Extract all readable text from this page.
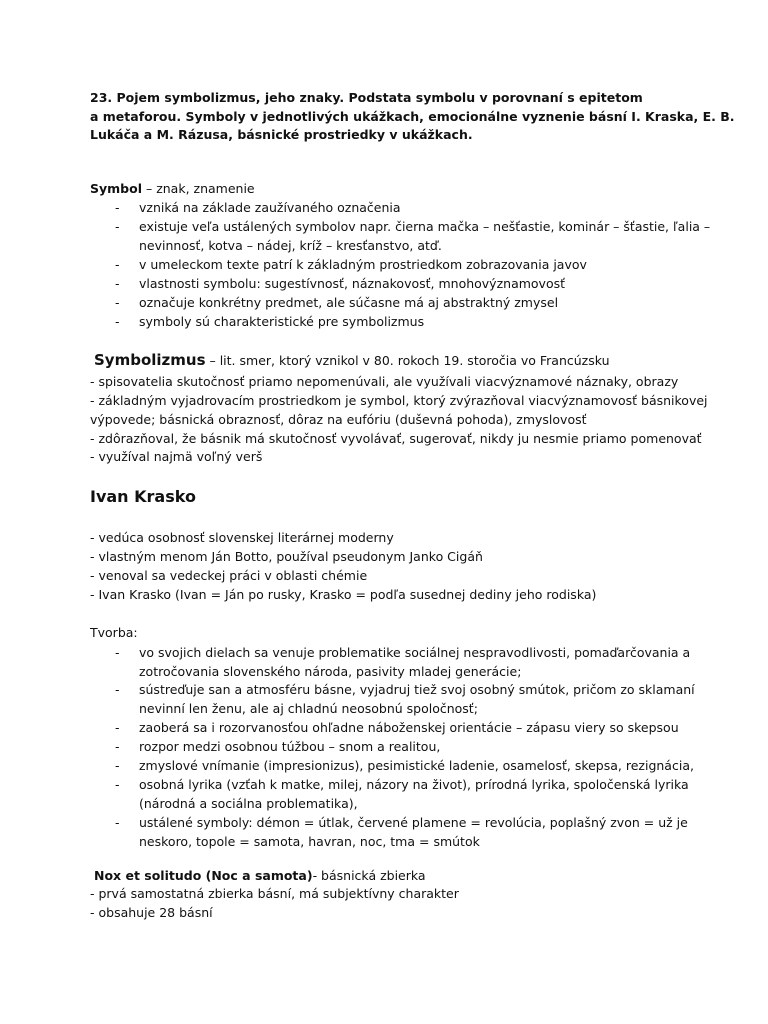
23. Pojem symbolizmus, jeho znaky. Podstata symbolu v porovnaní s epitetom
a metaforou. Symboly v jednotlivých ukážkach, emocionálne vyznenie básní I. Kraska, E. B.
Lukáča a M. Rázusa, básnické prostriedky v ukážkach.
Symbol – znak, znamenie
- vzniká na základe zaužívaného označenia
- existuje veľa ustálených symbolov napr. čierna mačka – nešťastie, kominár – šťastie, ľalia –
nevinnosť, kotva – nádej, kríž – kresťanstvo, atď.
- v umeleckom texte patrí k základným prostriedkom zobrazovania javov
- vlastnosti symbolu: sugestívnosť, náznakovosť, mnohovýznamovosť
- označuje konkrétny predmet, ale súčasne má aj abstraktný zmysel
- symboly sú charakteristické pre symbolizmus
Symbolizmus – lit. smer, ktorý vznikol v 80. rokoch 19. storočia vo Francúzsku
- spisovatelia skutočnosť priamo nepomenúvali, ale využívali viacvýznamové náznaky, obrazy
- základným vyjadrovacím prostriedkom je symbol, ktorý zvýrazňoval viacvýznamovosť básnikovej
výpovede; básnická obraznosť, dôraz na eufóriu (duševná pohoda), zmyslovosť
- zdôrazňoval, že básnik má skutočnosť vyvolávať, sugerovať, nikdy ju nesmie priamo pomenovať
- využíval najmä voľný verš
Ivan Krasko
- vedúca osobnosť slovenskej literárnej moderny
- vlastným menom Ján Botto, používal pseudonym Janko Cigáň
- venoval sa vedeckej práci v oblasti chémie
- Ivan Krasko (Ivan = Ján po rusky, Krasko = podľa susednej dediny jeho rodiska)
Tvorba:
- vo svojich dielach sa venuje problematike sociálnej nespravodlivosti, pomaďarčovania a
zotročovania slovenského národa, pasivity mladej generácie;
- sústreďuje san a atmosféru básne, vyjadruj tiež svoj osobný smútok, pričom zo sklamaní
nevinní len ženu, ale aj chladnú neosobnú spoločnosť;
- zaoberá sa i rozorvanosťou ohľadne náboženskej orientácie – zápasu viery so skepsou
- rozpor medzi osobnou túžbou – snom a realitou,
- zmyslové vnímanie (impresionizus), pesimistické ladenie, osamelosť, skepsa, rezignácia,
- osobná lyrika (vzťah k matke, milej, názory na život), prírodná lyrika, spoločenská lyrika
(národná a sociálna problematika),
- ustálené symboly: démon = útlak, červené plamene = revolúcia, poplašný zvon = už je
neskoro, topole = samota, havran, noc, tma = smútok
Nox et solitudo (Noc a samota)- básnická zbierka
- prvá samostatná zbierka básní, má subjektívny charakter
- obsahuje 28 básní
